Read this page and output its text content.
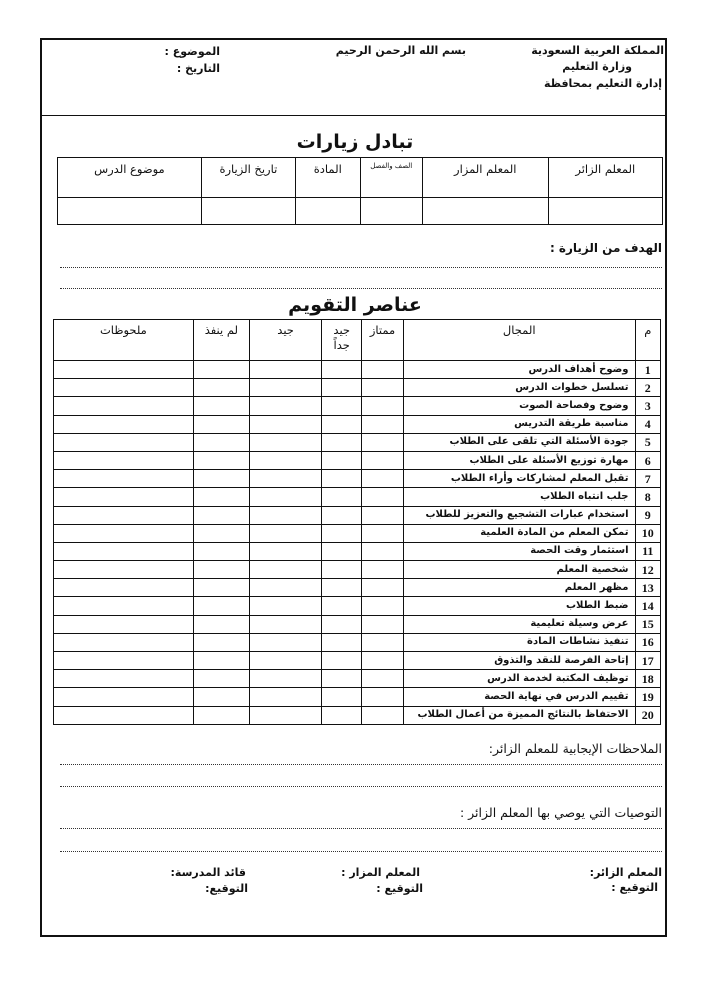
المملكة العربية السعودية
وزارة التعليم
إدارة التعليم بمحافظة
بسم الله الرحمن الرحيم
الموضوع :
التاريخ :
تبادل زيارات
المعلم الزائر	المعلم المزار	الصف والفصل	المادة	تاريخ الزيارة	موضوع الدرس

الهدف من الزيارة :
عناصر التقويم
م	المجال	ممتاز	جيد جداً	جيد	لم ينفذ	ملحوظات
1	وضوح أهداف الدرس					
2	تسلسل خطوات الدرس					
3	وضوح وفصاحة الصوت					
4	مناسبة طريقة التدريس					
5	جودة الأسئلة التي تلقى على الطلاب					
6	مهارة توزيع الأسئلة على الطلاب					
7	تقبل المعلم لمشاركات وأراء الطلاب					
8	جلب انتباه الطلاب					
9	استخدام عبارات التشجيع والتعزيز للطلاب					
10	تمكن المعلم من المادة العلمية					
11	استثمار وقت الحصة					
12	شخصية المعلم					
13	مظهر المعلم					
14	ضبط الطلاب					
15	عرض وسيلة تعليمية					
16	تنفيذ نشاطات المادة					
17	إتاحة الفرصة للنقد والتذوق					
18	توظيف المكتبة لخدمة الدرس					
19	تقييم الدرس في نهاية الحصة					
20	الاحتفاظ بالنتائج المميزة من أعمال الطلاب					
الملاحظات الإيجابية للمعلم الزائر:
التوصيات التي يوصي بها المعلم الزائر :
المعلم الزائر:
التوقيع :
المعلم المزار :
التوقيع :
قائد المدرسة:
التوقيع:
